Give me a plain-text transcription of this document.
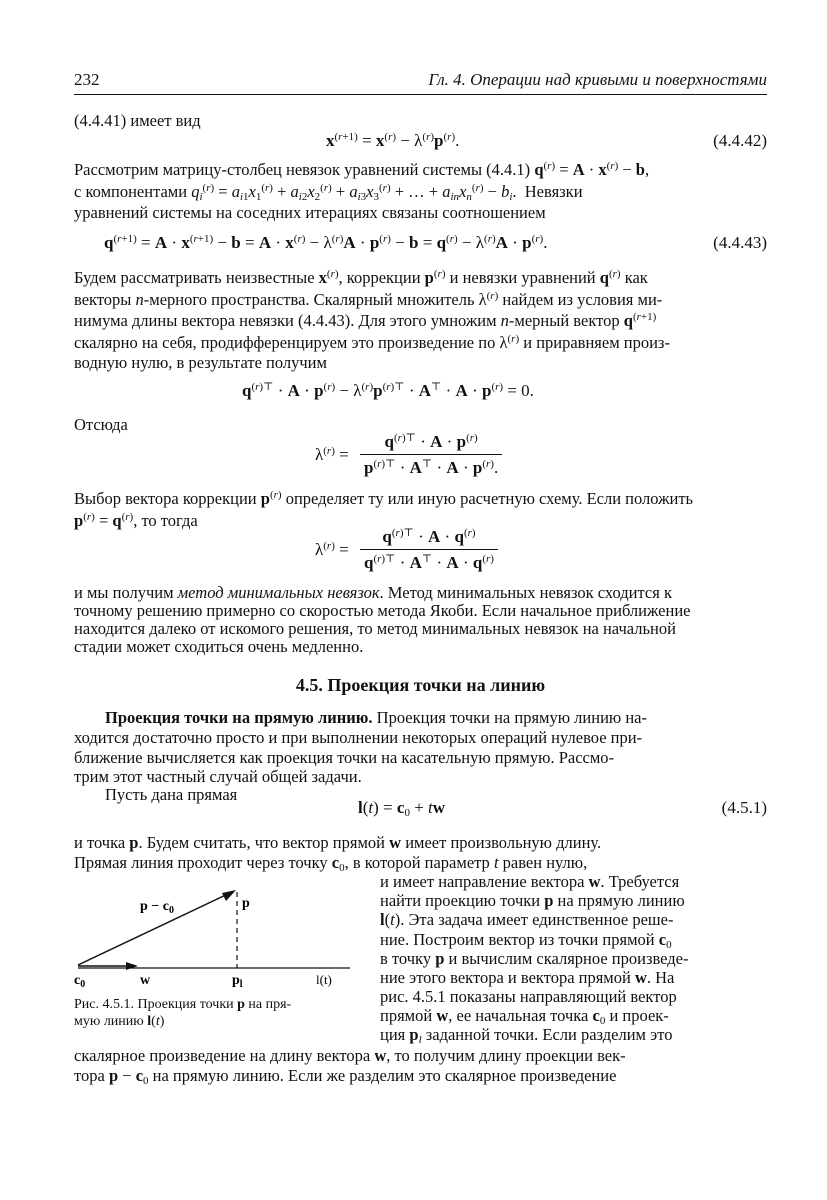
232	Гл. 4. Операции над кривыми и поверхностями
(4.4.41) имеет вид
$x^{(r+1)} = x^{(r)} - \lambda^{(r)}p^{(r)}$.	(4.4.42)
Рассмотрим матрицу-столбец невязок уравнений системы (4.4.1) $q^{(r)} = A \cdot x^{(r)} - b$,
с компонентами $q_i^{(r)} = a_{i1}x_1^{(r)} + a_{i2}x_2^{(r)} + a_{i3}x_3^{(r)}$ + … + $a_{in}x_n^{(r)} - b_i$.  Невязки
уравнений системы на соседних итерациях связаны соотношением
$q^{(r+1)} = A \cdot x^{(r+1)} - b = A \cdot x^{(r)} - \lambda^{(r)}A \cdot p^{(r)} - b = q^{(r)} - \lambda^{(r)}A \cdot p^{(r)}$.	(4.4.43)
Будем рассматривать неизвестные $x^{(r)}$, коррекции $p^{(r)}$ и невязки уравнений $q^{(r)}$ как
векторы n-мерного пространства. Скалярный множитель $\lambda^{(r)}$ найдем из условия ми-
нимума длины вектора невязки (4.4.43). Для этого умножим n-мерный вектор $q^{(r+1)}$
скалярно на себя, продифференцируем это произведение по $\lambda^{(r)}$ и приравняем произ-
водную нулю, в результате получим
$q^{(r)⊤} \cdot A \cdot p^{(r)} - \lambda^{(r)}p^{(r)⊤} \cdot A^⊤ \cdot A \cdot p^{(r)} = 0$.
Отсюда
$\lambda^{(r)} = \frac{q^{(r)⊤} \cdot A \cdot p^{(r)}}{p^{(r)⊤} \cdot A^⊤ \cdot A \cdot p^{(r)}.}$
Выбор вектора коррекции $p^{(r)}$ определяет ту или иную расчетную схему. Если положить
$p^{(r)} = q^{(r)}$, то тогда
$\lambda^{(r)} = \frac{q^{(r)⊤} \cdot A \cdot q^{(r)}}{q^{(r)⊤} \cdot A^⊤ \cdot A \cdot q^{(r)}}$
и мы получим метод минимальных невязок. Метод минимальных невязок сходится к
точному решению примерно со скоростью метода Якоби. Если начальное приближение
находится далеко от искомого решения, то метод минимальных невязок на начальной
стадии может сходиться очень медленно.
4.5. Проекция точки на линию
Проекция точки на прямую линию. Проекция точки на прямую линию на-
ходится достаточно просто и при выполнении некоторых операций нулевое при-
ближение вычисляется как проекция точки на касательную прямую. Рассмо-
трим этот частный случай общей задачи.
Пусть дана прямая
$l(t) = c_0$ + tw	(4.5.1)
и точка p. Будем считать, что вектор прямой w имеет произвольную длину.
Прямая линия проходит через точку $c_0$, в которой параметр t равен нулю,
$p - c_0$	p
$c_0$	w	$p_l$	l(t)
Рис. 4.5.1. Проекция точки p на пря-
мую линию l(t)
и имеет направление вектора w. Требуется
найти проекцию точки p на прямую линию
l(t). Эта задача имеет единственное реше-
ние. Построим вектор из точки прямой $c_0$
в точку p и вычислим скалярное произведе-
ние этого вектора и вектора прямой w. На
рис. 4.5.1 показаны направляющий вектор
прямой w, ее начальная точка $c_0$ и проек-
ция $p_l$ заданной точки. Если разделим это
скалярное произведение на длину вектора w, то получим длину проекции век-
тора $p - c_0$ на прямую линию. Если же разделим это скалярное произведение
